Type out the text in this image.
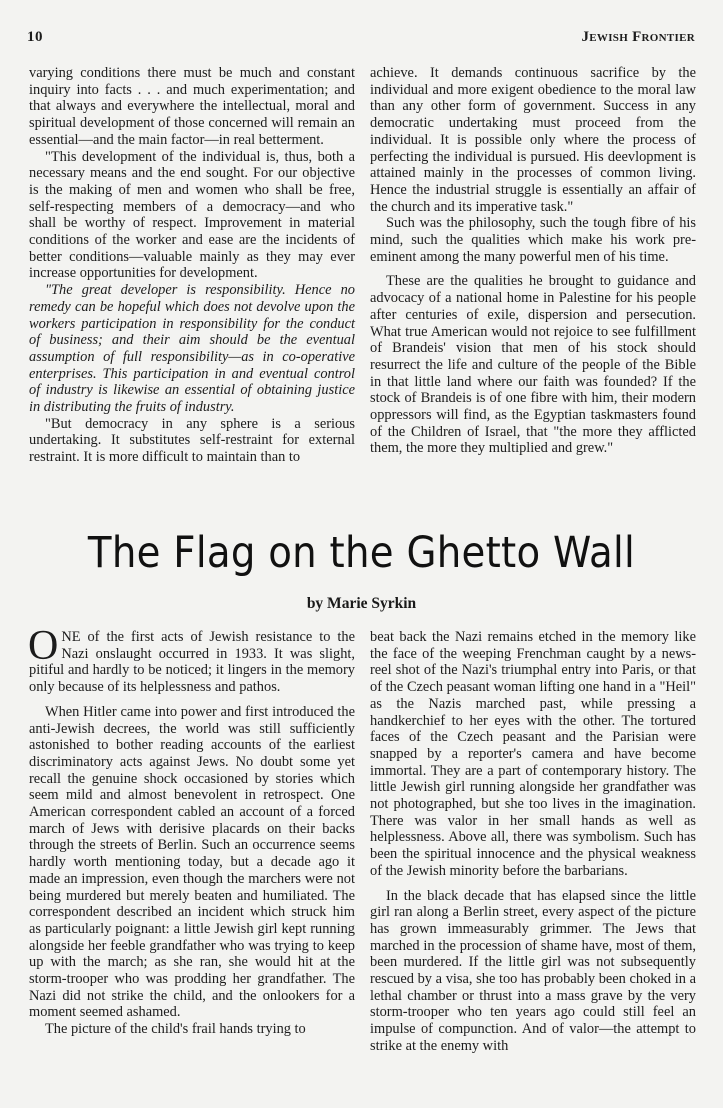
10	Jewish Frontier

varying conditions there must be much and constant inquiry into facts . . . and much experimentation; and that always and everywhere the intellectual, moral and spiritual development of those concerned will remain an essential—and the main factor—in real betterment.

"This development of the individual is, thus, both a necessary means and the end sought. For our objective is the making of men and women who shall be free, self-respecting members of a democracy—and who shall be worthy of respect. Improvement in material conditions of the worker and ease are the incidents of better conditions—valuable mainly as they may ever increase opportunities for development.

"The great developer is responsibility. Hence no remedy can be hopeful which does not devolve upon the workers participation in responsibility for the conduct of business; and their aim should be the eventual assumption of full responsibility—as in co-operative enterprises. This participation in and eventual control of industry is likewise an essential of obtaining justice in distributing the fruits of industry.

"But democracy in any sphere is a serious undertaking. It substitutes self-restraint for external restraint. It is more difficult to maintain than to

achieve. It demands continuous sacrifice by the individual and more exigent obedience to the moral law than any other form of government. Success in any democratic undertaking must proceed from the individual. It is possible only where the process of perfecting the individual is pursued. His deevlopment is attained mainly in the processes of common living. Hence the industrial struggle is essentially an affair of the church and its imperative task."

Such was the philosophy, such the tough fibre of his mind, such the qualities which make his work pre-eminent among the many powerful men of his time.

These are the qualities he brought to guidance and advocacy of a national home in Palestine for his people after centuries of exile, dispersion and persecution. What true American would not rejoice to see fulfillment of Brandeis' vision that men of his stock should resurrect the life and culture of the people of the Bible in that little land where our faith was founded? If the stock of Brandeis is of one fibre with him, their modern oppressors will find, as the Egyptian taskmasters found of the Children of Israel, that "the more they afflicted them, the more they multiplied and grew."

The Flag on the Ghetto Wall
by Marie Syrkin

ONE of the first acts of Jewish resistance to the Nazi onslaught occurred in 1933. It was slight, pitiful and hardly to be noticed; it lingers in the memory only because of its helplessness and pathos.

When Hitler came into power and first introduced the anti-Jewish decrees, the world was still sufficiently astonished to bother reading accounts of the earliest discriminatory acts against Jews. No doubt some yet recall the genuine shock occasioned by stories which seem mild and almost benevolent in retrospect. One American correspondent cabled an account of a forced march of Jews with derisive placards on their backs through the streets of Berlin. Such an occurrence seems hardly worth mentioning today, but a decade ago it made an impression, even though the marchers were not being murdered but merely beaten and humiliated. The correspondent described an incident which struck him as particularly poignant: a little Jewish girl kept running alongside her feeble grandfather who was trying to keep up with the march; as she ran, she would hit at the storm-trooper who was prodding her grandfather. The Nazi did not strike the child, and the onlookers for a moment seemed ashamed.

The picture of the child's frail hands trying to

beat back the Nazi remains etched in the memory like the face of the weeping Frenchman caught by a news-reel shot of the Nazi's triumphal entry into Paris, or that of the Czech peasant woman lifting one hand in a "Heil" as the Nazis marched past, while pressing a handkerchief to her eyes with the other. The tortured faces of the Czech peasant and the Parisian were snapped by a reporter's camera and have become immortal. They are a part of contemporary history. The little Jewish girl running alongside her grandfather was not photographed, but she too lives in the imagination. There was valor in her small hands as well as helplessness. Above all, there was symbolism. Such has been the spiritual innocence and the physical weakness of the Jewish minority before the barbarians.

In the black decade that has elapsed since the little girl ran along a Berlin street, every aspect of the picture has grown immeasurably grimmer. The Jews that marched in the procession of shame have, most of them, been murdered. If the little girl was not subsequently rescued by a visa, she too has probably been choked in a lethal chamber or thrust into a mass grave by the very storm-trooper who ten years ago could still feel an impulse of compunction. And of valor—the attempt to strike at the enemy with
